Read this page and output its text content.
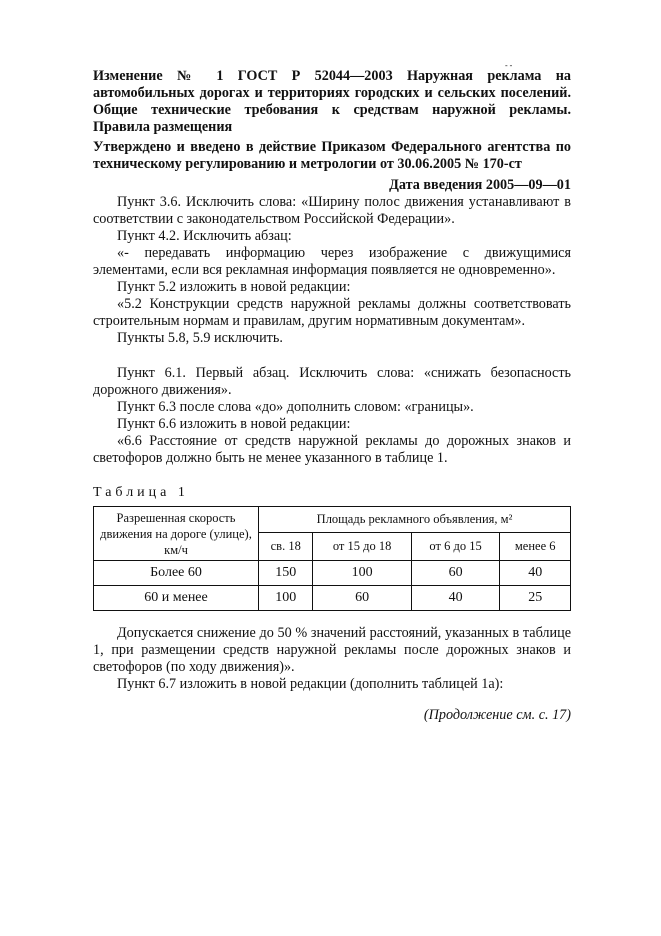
- -

Изменение № 1 ГОСТ Р 52044—2003 Наружная реклама на автомобильных дорогах и территориях городских и сельских поселений. Общие технические требования к средствам наружной рекламы. Правила размещения

Утверждено и введено в действие Приказом Федерального агентства по техническому регулированию и метрологии от 30.06.2005 № 170-ст

Дата введения 2005—09—01

Пункт 3.6. Исключить слова: «Ширину полос движения устанавливают в соответствии с законодательством Российской Федерации».

Пункт 4.2. Исключить абзац:

«- передавать информацию через изображение с движущимися элементами, если вся рекламная информация появляется не одновременно».

Пункт 5.2 изложить в новой редакции:

«5.2 Конструкции средств наружной рекламы должны соответствовать строительным нормам и правилам, другим нормативным документам».

Пункты 5.8, 5.9 исключить.

Пункт 6.1. Первый абзац. Исключить слова: «снижать безопасность дорожного движения».

Пункт 6.3 после слова «до» дополнить словом: «границы».

Пункт 6.6 изложить в новой редакции:

«6.6 Расстояние от средств наружной рекламы до дорожных знаков и светофоров должно быть не менее указанного в таблице 1.

Таблица 1
Разрешенная скорость движения на дороге (улице), км/ч	Площадь рекламного объявления, м²			
	св. 18	от 15 до 18	от 6 до 15	менее 6
Более 60	150	100	60	40
60 и менее	100	60	40	25

Допускается снижение до 50 % значений расстояний, указанных в таблице 1, при размещении средств наружной рекламы после дорожных знаков и светофоров (по ходу движения)».

Пункт 6.7 изложить в новой редакции (дополнить таблицей 1а):

(Продолжение см. с. 17)
